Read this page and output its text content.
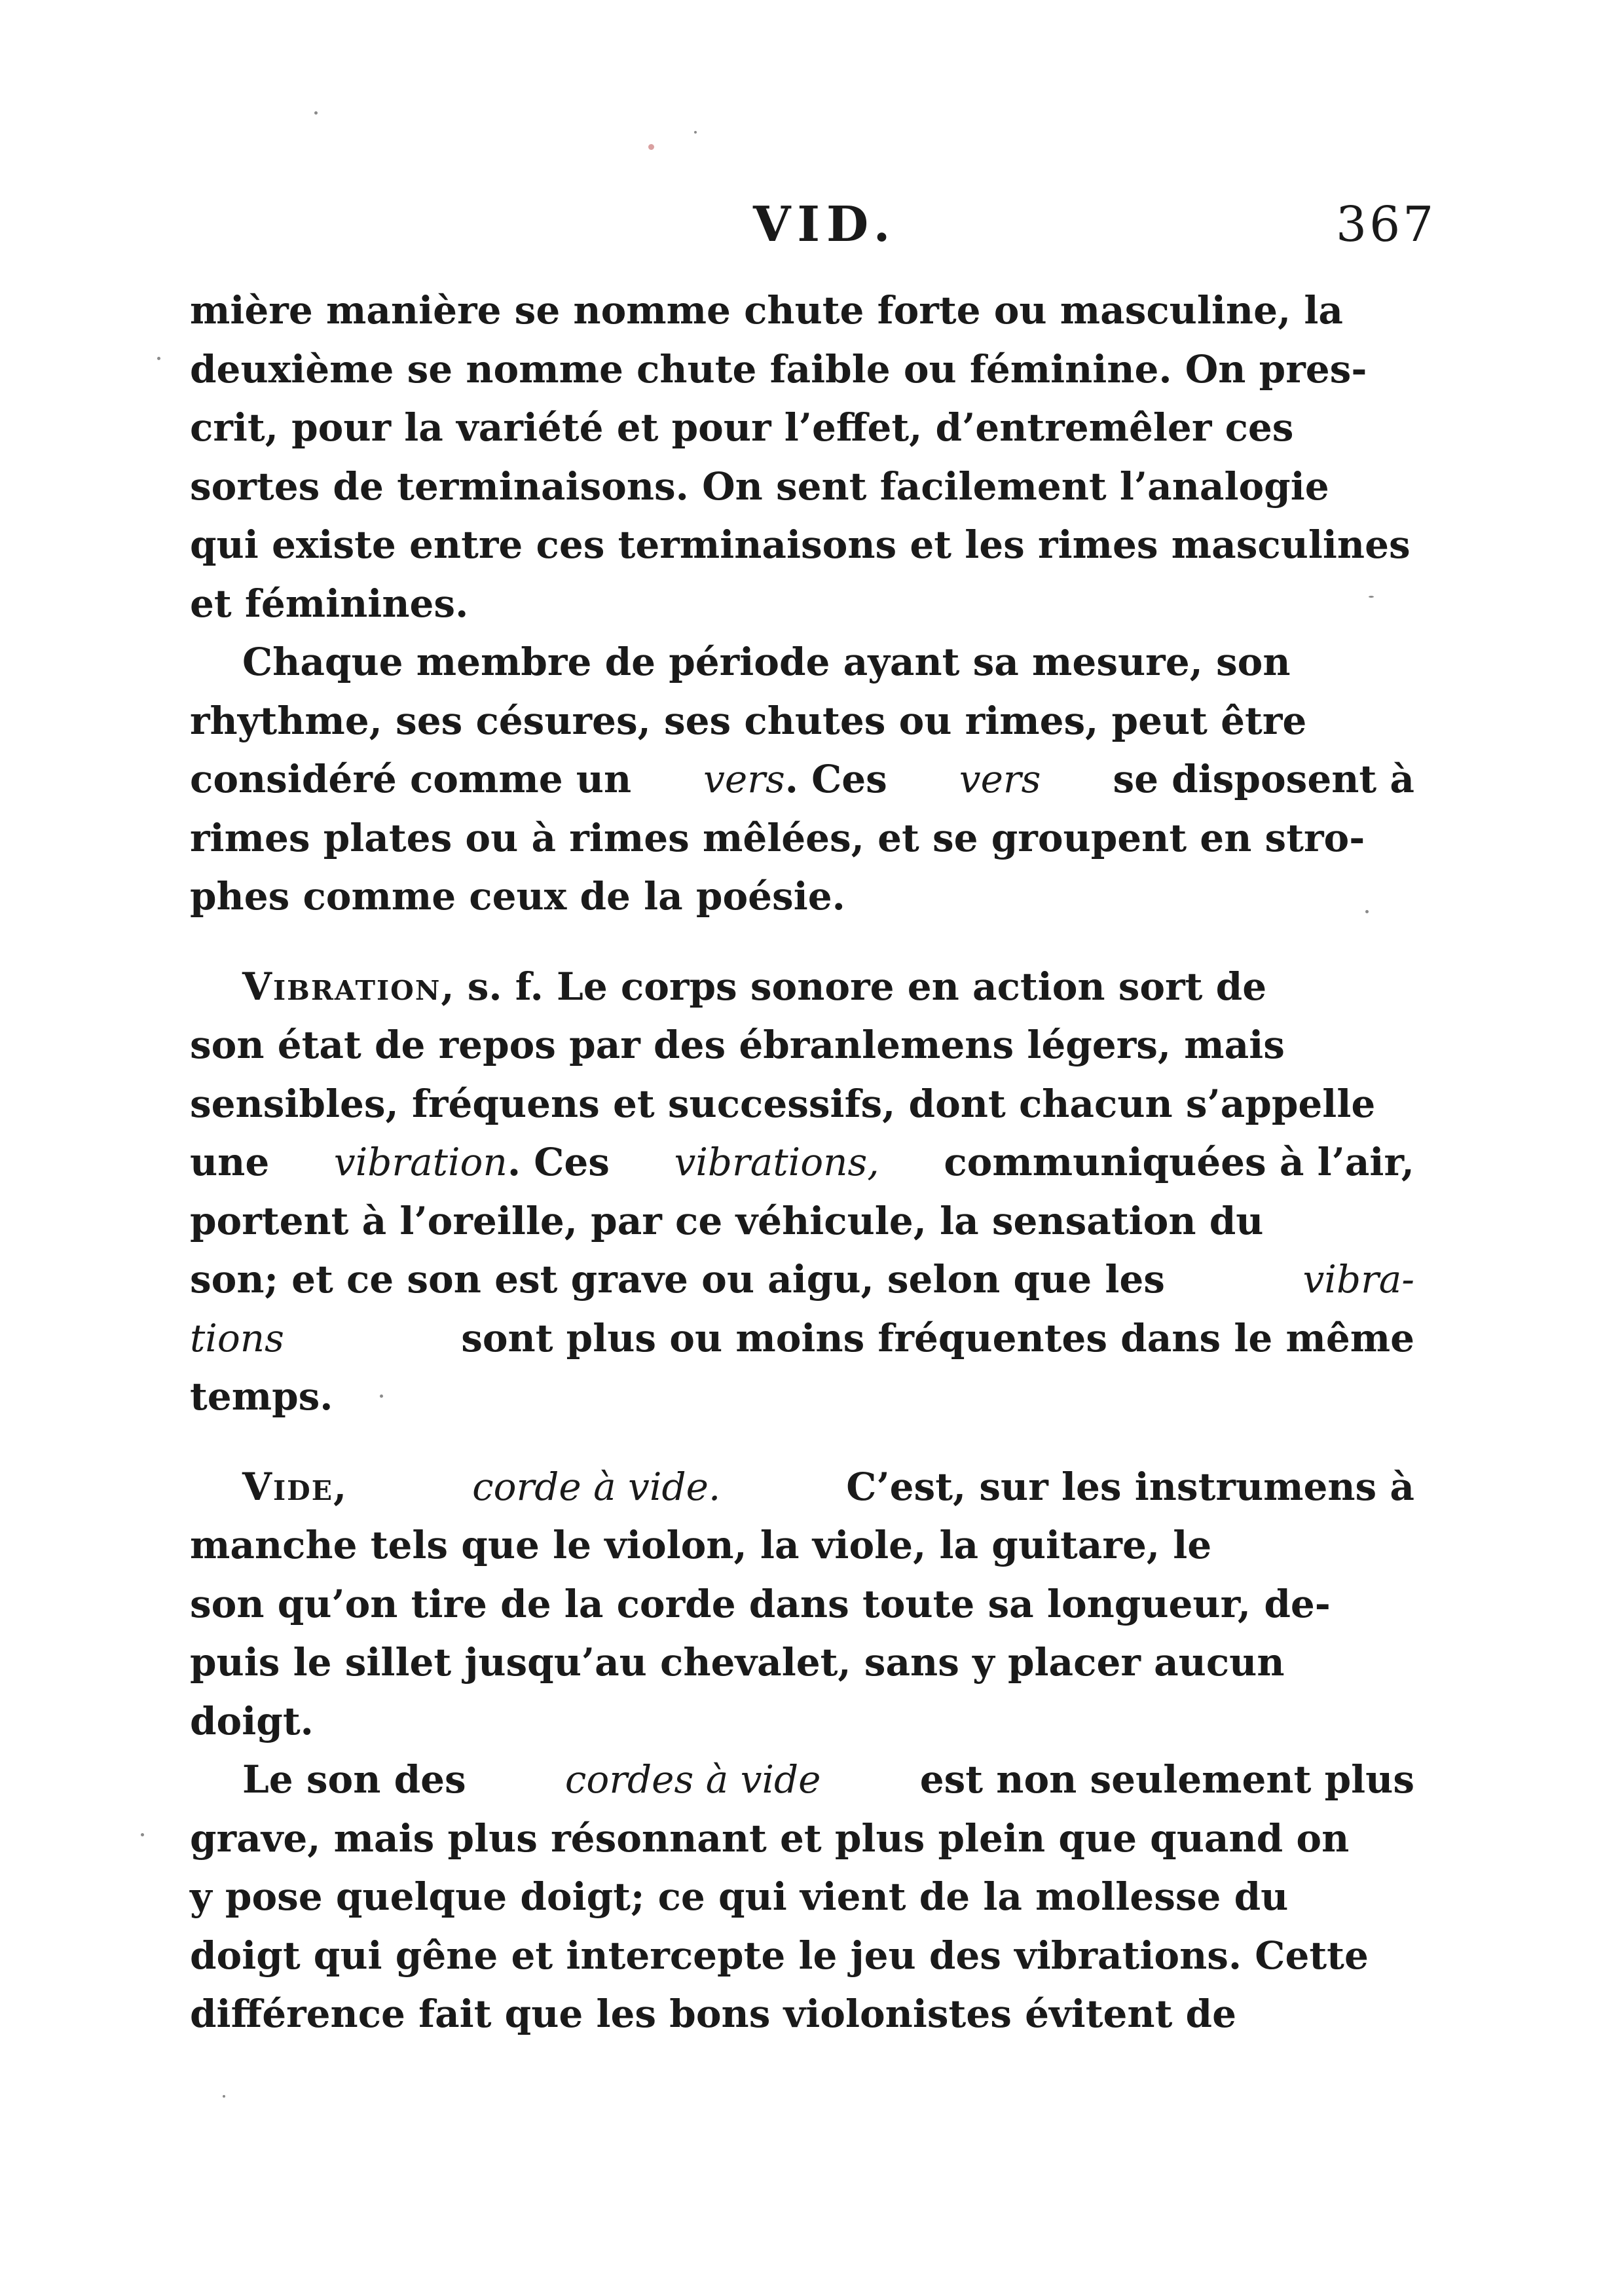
VID.	367
mière manière se nomme chute forte ou masculine, la
deuxième se nomme chute faible ou féminine. On pres-
crit, pour la variété et pour l’effet, d’entremêler ces
sortes de terminaisons. On sent facilement l’analogie
qui existe entre ces terminaisons et les rimes masculines
et féminines.
Chaque membre de période ayant sa mesure, son
rhythme, ses césures, ses chutes ou rimes, peut être
considéré comme un vers. Ces vers se disposent à
rimes plates ou à rimes mêlées, et se groupent en stro-
phes comme ceux de la poésie.
Vibration, s. f. Le corps sonore en action sort de
son état de repos par des ébranlemens légers, mais
sensibles, fréquens et successifs, dont chacun s’appelle
une vibration. Ces vibrations, communiquées à l’air,
portent à l’oreille, par ce véhicule, la sensation du
son; et ce son est grave ou aigu, selon que les	vibra-
tions	sont plus ou moins fréquentes dans le même
temps.
Vide,	corde à vide.	C’est, sur les instrumens à
manche tels que le violon, la viole, la guitare, le
son qu’on tire de la corde dans toute sa longueur, de-
puis le sillet jusqu’au chevalet, sans y placer aucun
doigt.
Le son des	cordes à vide	est non seulement plus
grave, mais plus résonnant et plus plein que quand on
y pose quelque doigt; ce qui vient de la mollesse du
doigt qui gêne et intercepte le jeu des vibrations. Cette
différence fait que les bons violonistes évitent de
